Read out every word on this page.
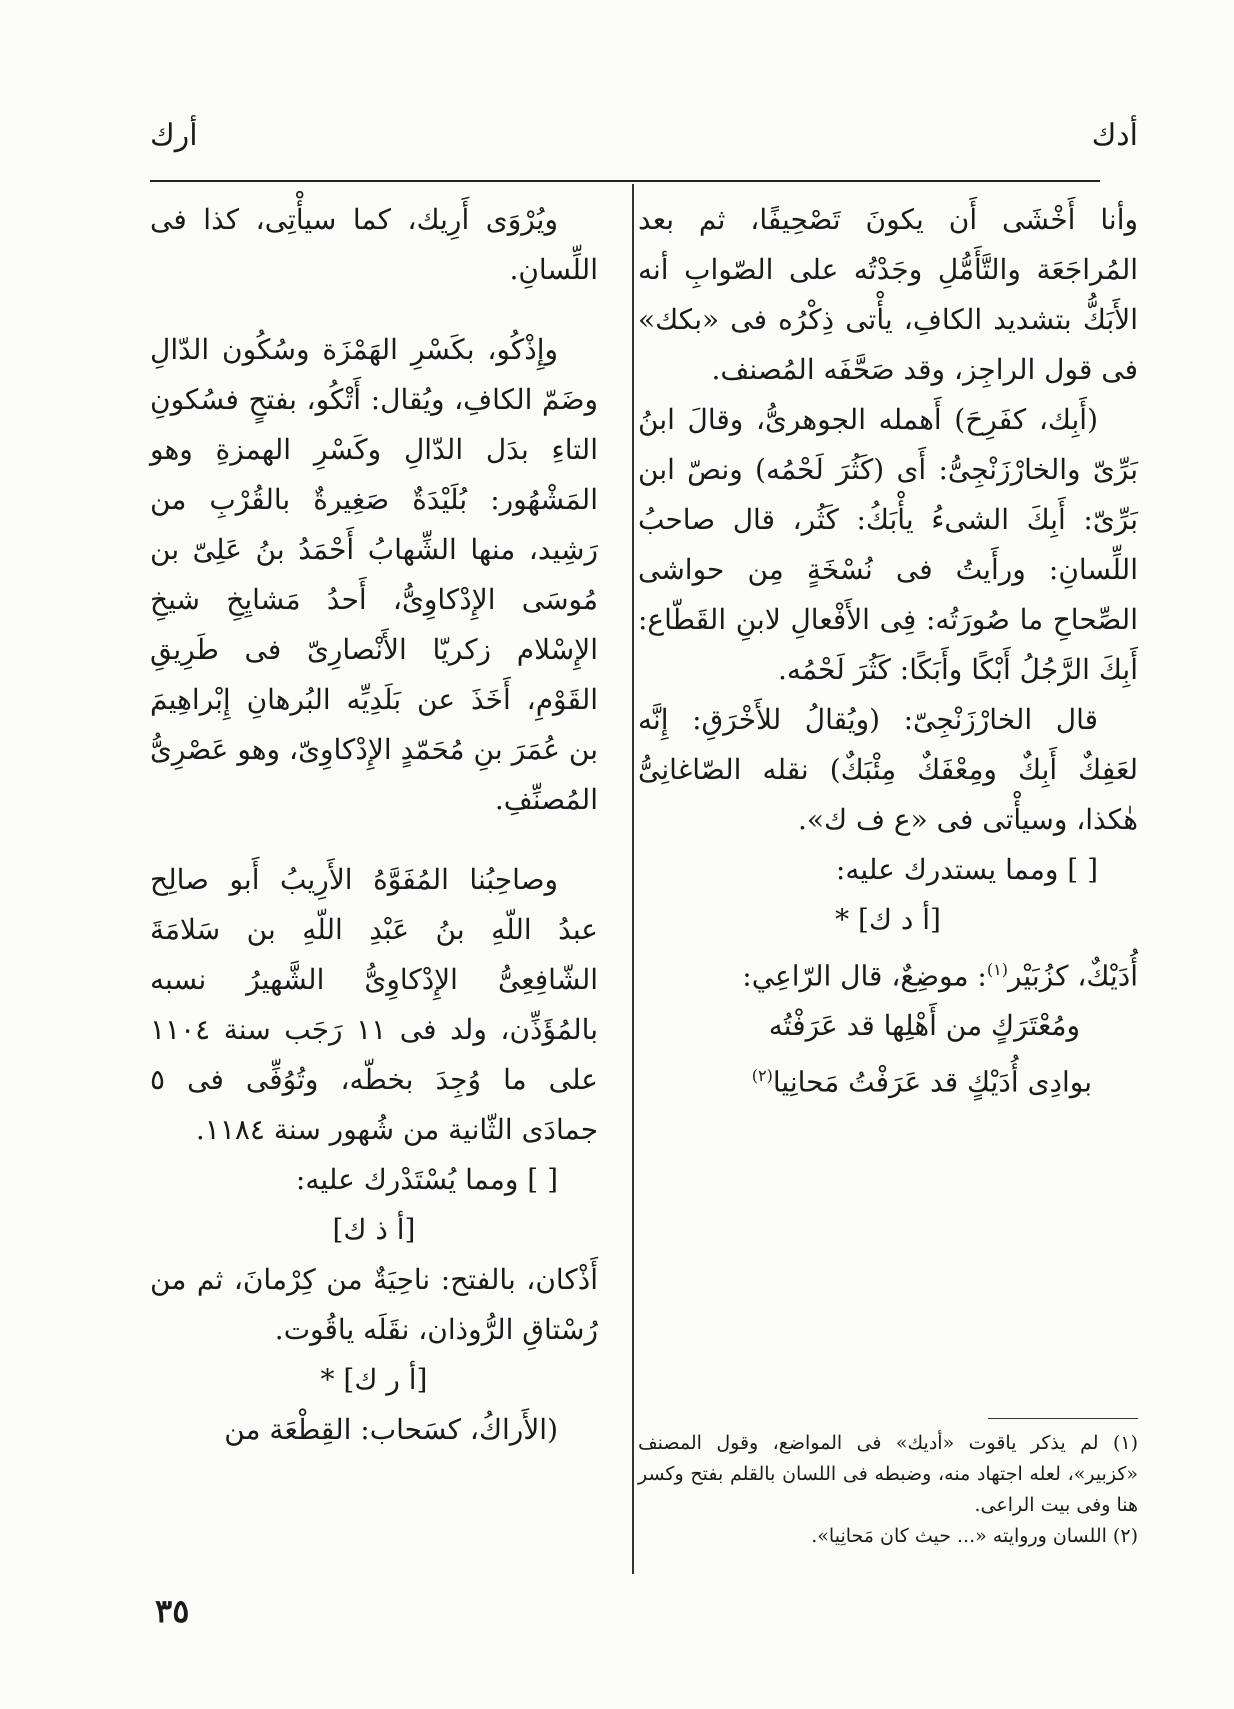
أدك
أرك

وأنا أَخْشَى أَن يكونَ تَصْحِيفًا، ثم بعد المُراجَعَة والتَّأَمُّلِ وجَدْتُه على الصّوابِ أنه الأَبَكُّ بتشديد الكافِ، يأْتى ذِكْرُه فى «بكك» فى قول الراجِز، وقد صَحَّفَه المُصنف.

(أَبِك، كفَرِحَ) أَهمله الجوهرىُّ، وقالَ ابنُ بَرِّىّ والخارْزَنْجِىُّ: أَى (كَثُرَ لَحْمُه) ونصّ ابن بَرِّىّ: أَبِكَ الشىءُ يأْبَكُ: كَثُر، قال صاحبُ اللِّسانِ: ورأَيتُ فى نُسْخَةٍ مِن حواشى الصِّحاحِ ما صُورَتُه: فِى الأَفْعالِ لابنِ القَطّاع: أَبِكَ الرَّجُلُ أَبْكًا وأَبَكًا: كَثُرَ لَحْمُه.

قال الخارْزَنْجِىّ: (ويُقالُ للأَخْرَقِ: إِنَّه لعَفِكٌ أَبِكٌ ومِعْفَكٌ مِئْبَكٌ) نقله الصّاغانِىُّ هٰكذا، وسيأْتى فى «ع ف ك».

[ ] ومما يستدرك عليه:

[أ د ك] *

أُدَيْكٌ، كزُبَيْر$^{(١)}$: موضِعٌ، قال الرّاعِي:

ومُعْتَرَكٍ من أَهْلِها قد عَرَفْتُه

بوادِى أُدَيْكٍ قد عَرَفْتُ مَحانِيا$^{(٢)}$

(١) لم يذكر ياقوت «أديك» فى المواضع، وقول المصنف «كزبير»، لعله اجتهاد منه، وضبطه فى اللسان بالقلم بفتح وكسر هنا وفى بيت الراعى.

(٢) اللسان وروايته «... حيث كان مَحانِيا».

ويُرْوَى أَرِيك، كما سيأْتِى، كذا فى اللِّسانِ.

وإِذْكُو، بكَسْرِ الهَمْزَة وسُكُون الدّالِ وضَمّ الكافِ، ويُقال: أَتْكُو، بفتحٍ فسُكونِ التاءِ بدَل الدّالِ وكَسْرِ الهمزةِ وهو المَشْهُور: بُلَيْدَةٌ صَغِيرةٌ بالقُرْبِ من رَشِيد، منها الشِّهابُ أَحْمَدُ بنُ عَلِىّ بن مُوسَى الإِدْكاوِىُّ، أَحدُ مَشايِخِ شيخِ الإِسْلام زكريّا الأَنْصارِىّ فى طَرِيقِ القَوْمِ، أَخَذَ عن بَلَدِيِّه البُرهانِ إِبْراهِيمَ بن عُمَرَ بنِ مُحَمّدٍ الإِدْكاوِىّ، وهو عَصْرِىُّ المُصنِّفِ.

وصاحِبُنا المُفَوَّهُ الأَرِيبُ أَبو صالِح عبدُ اللّهِ بنُ عَبْدِ اللّهِ بن سَلامَةَ الشّافِعِىُّ الإِدْكاوِىُّ الشَّهيرُ نسبه بالمُؤَذِّن، ولد فى ١١ رَجَب سنة ١١٠٤ على ما وُجِدَ بخطّه، وتُوُفِّى فى ٥ جمادَى الثّانية من شُهور سنة ١١٨٤.

[ ] ومما يُسْتَدْرك عليه:

[أ ذ ك]

أَذْكان، بالفتح: ناحِيَةٌ من كِرْمانَ، ثم من رُسْتاقِ الرُّوذان، نقَلَه ياقُوت.

[أ ر ك] *

(الأَراكُ، كسَحاب: القِطْعَة من

٣٥
